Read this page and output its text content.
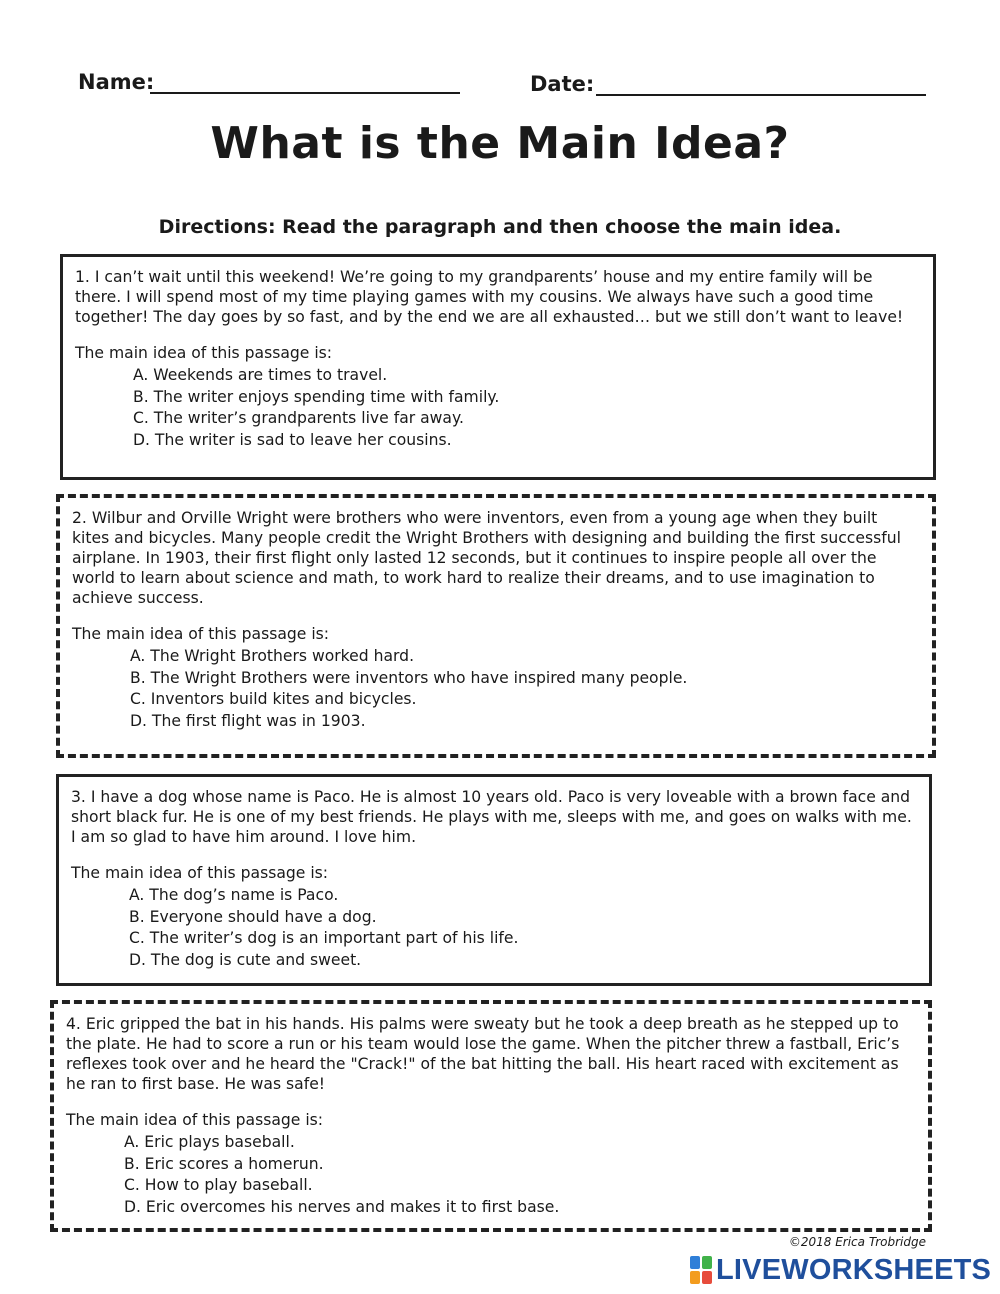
Name:	Date:
What is the Main Idea?
Directions: Read the paragraph and then choose the main idea.

1. I can’t wait until this weekend! We’re going to my grandparents’ house and my entire family will be there. I will spend most of my time playing games with my cousins. We always have such a good time together! The day goes by so fast, and by the end we are all exhausted… but we still don’t want to leave!

The main idea of this passage is:

A. Weekends are times to travel.
B. The writer enjoys spending time with family.
C. The writer’s grandparents live far away.
D. The writer is sad to leave her cousins.

2. Wilbur and Orville Wright were brothers who were inventors, even from a young age when they built kites and bicycles. Many people credit the Wright Brothers with designing and building the first successful airplane. In 1903, their first flight only lasted 12 seconds, but it continues to inspire people all over the world to learn about science and math, to work hard to realize their dreams, and to use imagination to achieve success.

The main idea of this passage is:

A. The Wright Brothers worked hard.
B. The Wright Brothers were inventors who have inspired many people.
C. Inventors build kites and bicycles.
D. The first flight was in 1903.

3. I have a dog whose name is Paco. He is almost 10 years old. Paco is very loveable with a brown face and short black fur. He is one of my best friends. He plays with me, sleeps with me, and goes on walks with me. I am so glad to have him around. I love him.

The main idea of this passage is:

A. The dog’s name is Paco.
B. Everyone should have a dog.
C. The writer’s dog is an important part of his life.
D. The dog is cute and sweet.

4. Eric gripped the bat in his hands. His palms were sweaty but he took a deep breath as he stepped up to the plate. He had to score a run or his team would lose the game. When the pitcher threw a fastball, Eric’s reflexes took over and he heard the "Crack!" of the bat hitting the ball. His heart raced with excitement as he ran to first base. He was safe!

The main idea of this passage is:

A. Eric plays baseball.
B. Eric scores a homerun.
C. How to play baseball.
D. Eric overcomes his nerves and makes it to first base.
©2018 Erica Trobridge
LIVEWORKSHEETS
